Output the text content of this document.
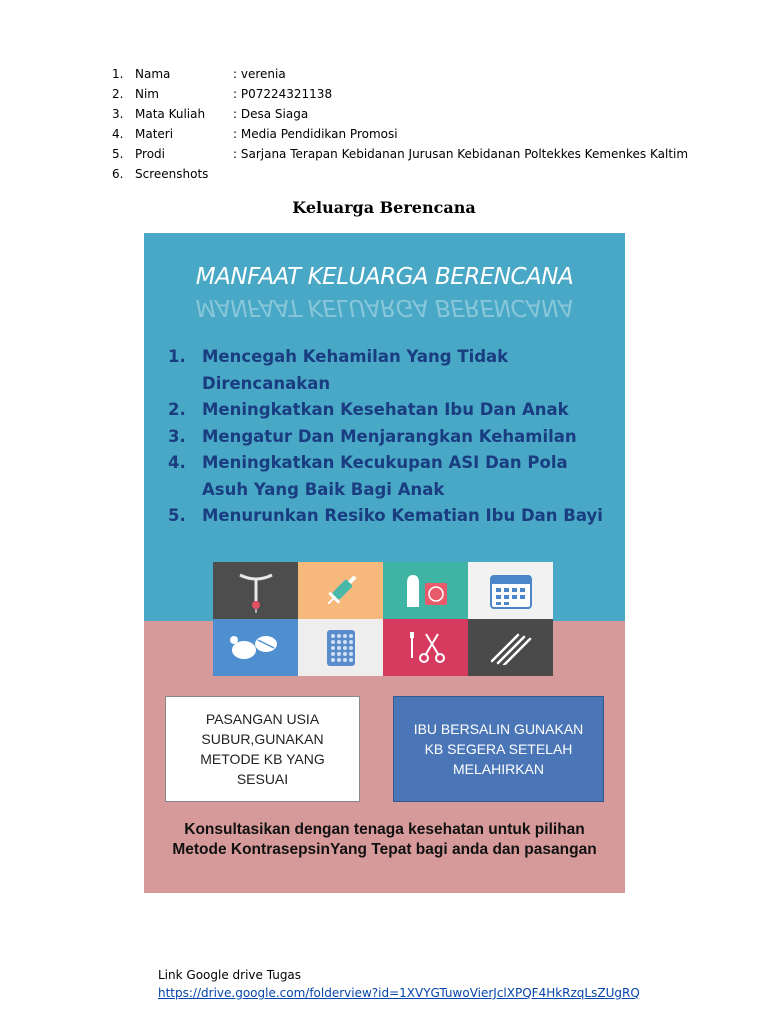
1. Nama	: verenia
2. Nim	: P07224321138
3. Mata Kuliah	: Desa Siaga
4. Materi	: Media Pendidikan Promosi
5. Prodi	: Sarjana Terapan Kebidanan Jurusan Kebidanan Poltekkes Kemenkes Kaltim
6. Screenshots
Keluarga Berencana
MANFAAT KELUARGA BERENCANA
MANFAAT KELUARGA BERENCANA
1. Mencegah Kehamilan Yang Tidak Direncanakan
2. Meningkatkan Kesehatan Ibu Dan Anak
3. Mengatur Dan Menjarangkan Kehamilan
4. Meningkatkan Kecukupan ASI Dan Pola Asuh Yang Baik Bagi Anak
5. Menurunkan Resiko Kematian Ibu Dan Bayi
PASANGAN USIA SUBUR,GUNAKAN METODE KB YANG SESUAI
IBU BERSALIN GUNAKAN KB SEGERA SETELAH MELAHIRKAN
Konsultasikan dengan tenaga kesehatan untuk pilihan Metode KontrasepsinYang Tepat bagi anda dan pasangan
Link Google drive Tugas
https://drive.google.com/folderview?id=1XVYGTuwoVierJclXPQF4HkRzqLsZUgRQ
